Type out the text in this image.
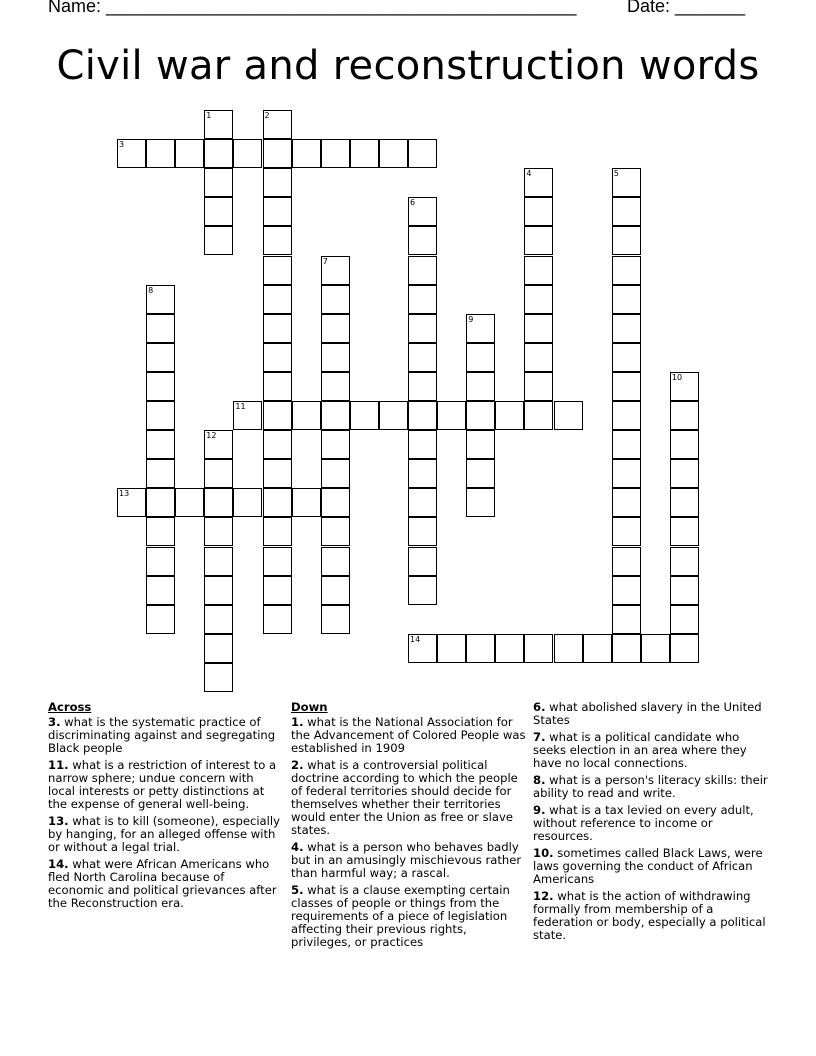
Name: _______________________________________________	Date: _______
Civil war and reconstruction words
1	2
3
4	5
6
7
8
9
10
11
12
13
14
Across
3. what is the systematic practice of discriminating against and segregating Black people
11. what is a restriction of interest to a narrow sphere; undue concern with local interests or petty distinctions at the expense of general well-being.
13. what is to kill (someone), especially by hanging, for an alleged offense with or without a legal trial.
14. what were African Americans who fled North Carolina because of economic and political grievances after the Reconstruction era.
Down
1. what is the National Association for the Advancement of Colored People was established in 1909
2. what is a controversial political doctrine according to which the people of federal territories should decide for themselves whether their territories would enter the Union as free or slave states.
4. what is a person who behaves badly but in an amusingly mischievous rather than harmful way; a rascal.
5. what is a clause exempting certain classes of people or things from the requirements of a piece of legislation affecting their previous rights, privileges, or practices
6. what abolished slavery in the United States
7. what is a political candidate who seeks election in an area where they have no local connections.
8. what is a person's literacy skills: their ability to read and write.
9. what is a tax levied on every adult, without reference to income or resources.
10. sometimes called Black Laws, were laws governing the conduct of African Americans
12. what is the action of withdrawing formally from membership of a federation or body, especially a political state.
